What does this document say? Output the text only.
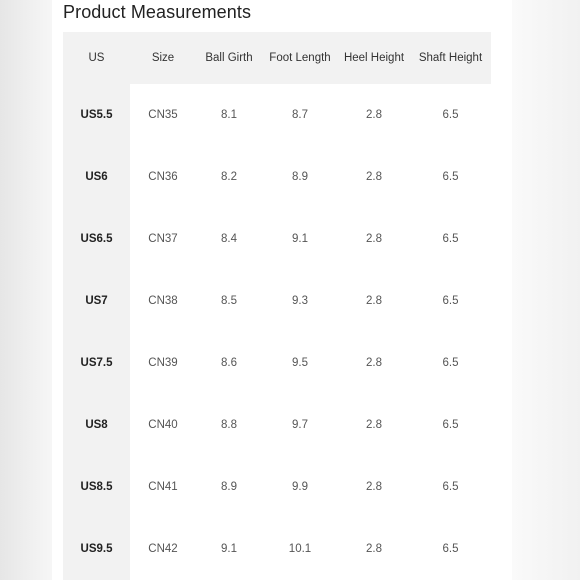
Product Measurements
US	Size	Ball Girth	Foot Length	Heel Height	Shaft Height
US5.5	CN35	8.1	8.7	2.8	6.5
US6	CN36	8.2	8.9	2.8	6.5
US6.5	CN37	8.4	9.1	2.8	6.5
US7	CN38	8.5	9.3	2.8	6.5
US7.5	CN39	8.6	9.5	2.8	6.5
US8	CN40	8.8	9.7	2.8	6.5
US8.5	CN41	8.9	9.9	2.8	6.5
US9.5	CN42	9.1	10.1	2.8	6.5
